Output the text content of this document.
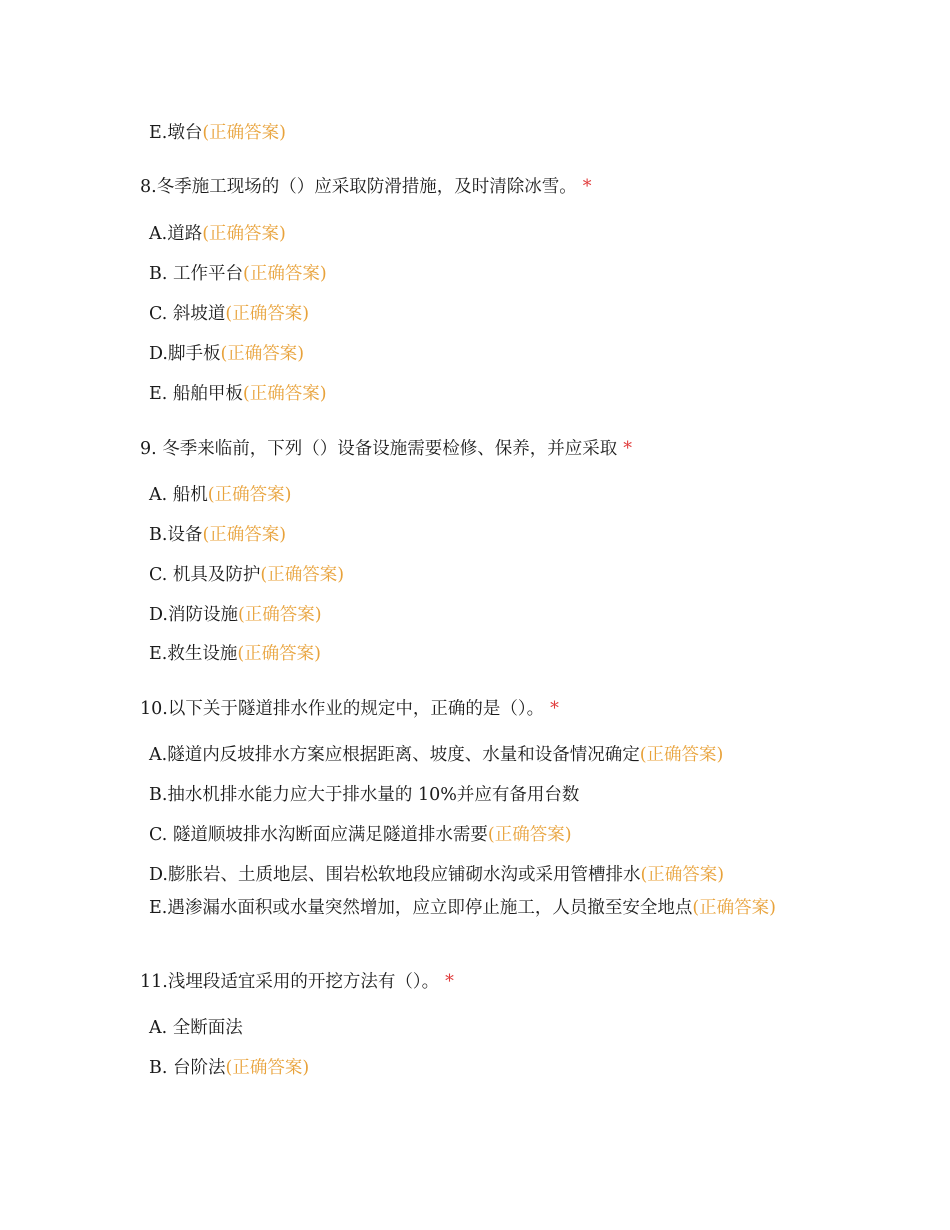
E.墩台(正确答案)
8.冬季施工现场的（）应采取防滑措施，及时清除冰雪。 *
A.道路(正确答案)
B. 工作平台(正确答案)
C. 斜坡道(正确答案)
D.脚手板(正确答案)
E. 船舶甲板(正确答案)
9. 冬季来临前，下列（）设备设施需要检修、保养，并应采取 *
A. 船机(正确答案)
B.设备(正确答案)
C. 机具及防护(正确答案)
D.消防设施(正确答案)
E.救生设施(正确答案)
10.以下关于隧道排水作业的规定中，正确的是（）。 *
A.隧道内反坡排水方案应根据距离、坡度、水量和设备情况确定(正确答案)
B.抽水机排水能力应大于排水量的 10%并应有备用台数
C. 隧道顺坡排水沟断面应满足隧道排水需要(正确答案)
D.膨胀岩、土质地层、围岩松软地段应铺砌水沟或采用管槽排水(正确答案)
E.遇渗漏水面积或水量突然增加，应立即停止施工，人员撤至安全地点(正确答案)
11.浅埋段适宜采用的开挖方法有（）。 *
A. 全断面法
B. 台阶法(正确答案)
